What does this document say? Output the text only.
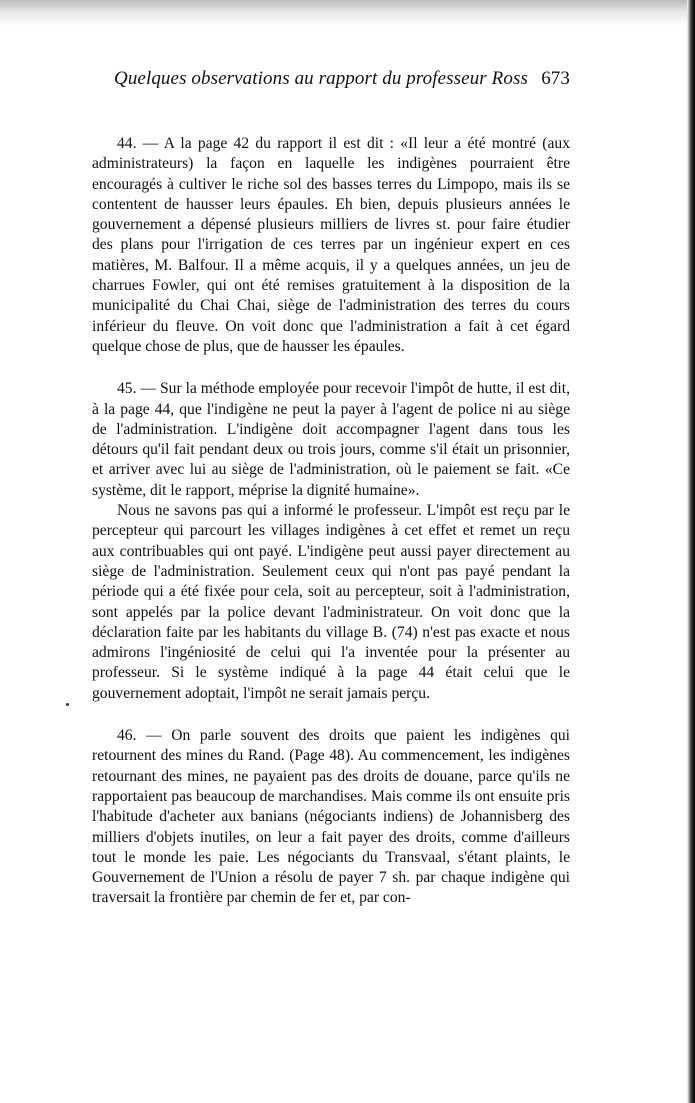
Quelques observations au rapport du professeur Ross 673

44. — A la page 42 du rapport il est dit : «Il leur a été montré (aux administrateurs) la façon en laquelle les indigènes pourraient être encouragés à cultiver le riche sol des basses terres du Limpopo, mais ils se contentent de hausser leurs épaules. Eh bien, depuis plusieurs années le gouvernement a dépensé plusieurs milliers de livres st. pour faire étudier des plans pour l'irrigation de ces terres par un ingénieur expert en ces matières, M. Balfour. Il a même acquis, il y a quelques années, un jeu de charrues Fowler, qui ont été remises gratuitement à la disposition de la municipalité du Chai Chai, siège de l'administration des terres du cours inférieur du fleuve. On voit donc que l'administration a fait à cet égard quelque chose de plus, que de hausser les épaules.

45. — Sur la méthode employée pour recevoir l'impôt de hutte, il est dit, à la page 44, que l'indigène ne peut la payer à l'agent de police ni au siège de l'administration. L'indigène doit accompagner l'agent dans tous les détours qu'il fait pendant deux ou trois jours, comme s'il était un prisonnier, et arriver avec lui au siège de l'administration, où le paiement se fait. «Ce système, dit le rapport, méprise la dignité humaine».

Nous ne savons pas qui a informé le professeur. L'impôt est reçu par le percepteur qui parcourt les villages indigènes à cet effet et remet un reçu aux contribuables qui ont payé. L'indigène peut aussi payer directement au siège de l'administration. Seulement ceux qui n'ont pas payé pendant la période qui a été fixée pour cela, soit au percepteur, soit à l'administration, sont appelés par la police devant l'administrateur. On voit donc que la déclaration faite par les habitants du village B. (74) n'est pas exacte et nous admirons l'ingéniosité de celui qui l'a inventée pour la présenter au professeur. Si le système indiqué à la page 44 était celui que le gouvernement adoptait, l'impôt ne serait jamais perçu.

46. — On parle souvent des droits que paient les indigènes qui retournent des mines du Rand. (Page 48). Au commencement, les indigènes retournant des mines, ne payaient pas des droits de douane, parce qu'ils ne rapportaient pas beaucoup de marchandises. Mais comme ils ont ensuite pris l'habitude d'acheter aux banians (négociants indiens) de Johannisberg des milliers d'objets inutiles, on leur a fait payer des droits, comme d'ailleurs tout le monde les paie. Les négociants du Transvaal, s'étant plaints, le Gouvernement de l'Union a résolu de payer 7 sh. par chaque indigène qui traversait la frontière par chemin de fer et, par con-
